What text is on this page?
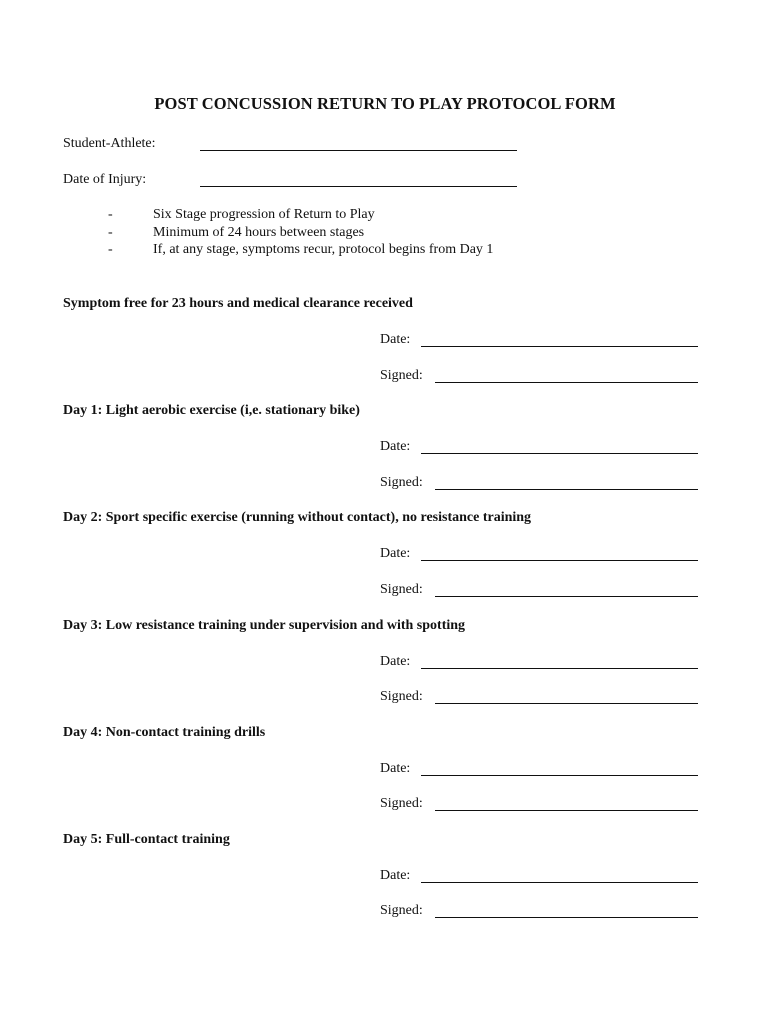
POST CONCUSSION RETURN TO PLAY PROTOCOL FORM
Student-Athlete:
Date of Injury:
-	Six Stage progression of Return to Play
-	Minimum of 24 hours between stages
-	If, at any stage, symptoms recur, protocol begins from Day 1
Symptom free for 23 hours and medical clearance received
Date:
Signed:
Day 1: Light aerobic exercise (i,e. stationary bike)
Date:
Signed:
Day 2: Sport specific exercise (running without contact), no resistance training
Date:
Signed:
Day 3: Low resistance training under supervision and with spotting
Date:
Signed:
Day 4: Non-contact training drills
Date:
Signed:
Day 5: Full-contact training
Date:
Signed:
